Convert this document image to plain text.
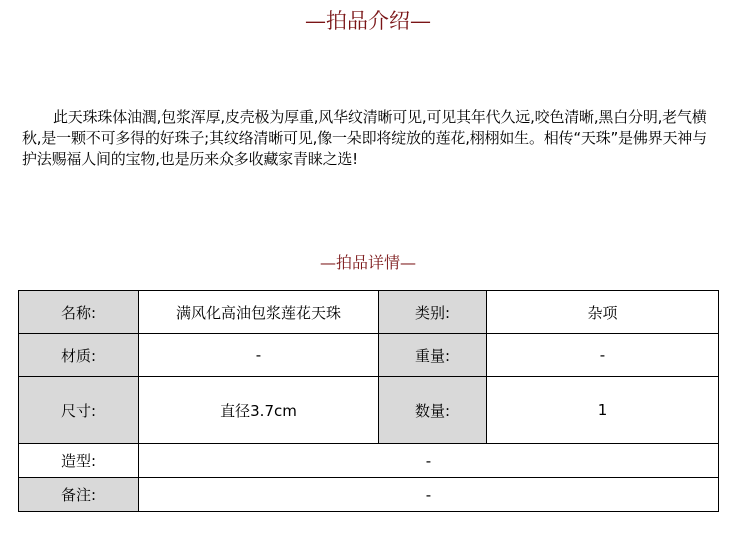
—拍品介绍—

此天珠珠体油潤,包浆浑厚,皮壳极为厚重,风华纹清晰可见,可见其年代久远,咬色清晰,黑白分明,老气横秋,是一颗不可多得的好珠子;其纹络清晰可见,像一朵即将绽放的莲花,栩栩如生。相传“天珠”是佛界天神与护法赐福人间的宝物,也是历来众多收藏家青睐之选!

—拍品详情—
名称:	满风化高油包浆莲花天珠	类别:	杂项
材质:	-	重量:	-
尺寸:	直径3.7cm	数量:	1
造型:	-		
备注:	-		
